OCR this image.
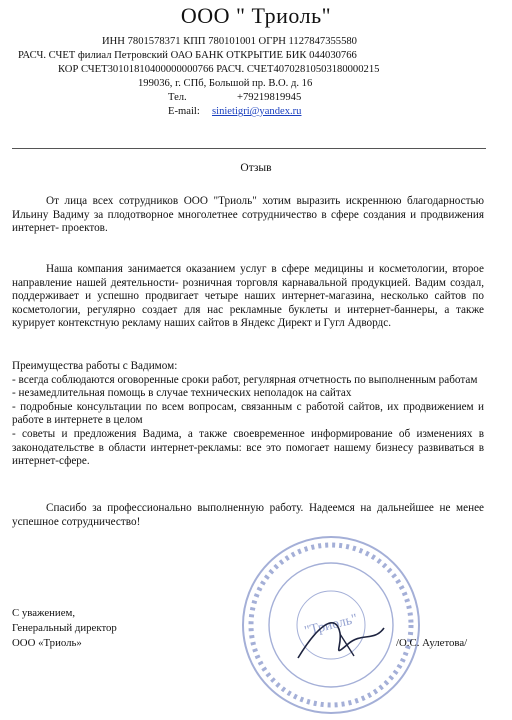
ООО " Триоль"
ИНН 7801578371 КПП 780101001 ОГРН 1127847355580
РАСЧ. СЧЕТ филиал Петровский ОАО БАНК ОТКРЫТИЕ БИК 044030766
КОР СЧЕТ30101810400000000766 РАСЧ. СЧЕТ40702810503180000215
199036, г. СПб, Большой пр. В.О. д. 16
Тел.	+79219819945
E-mail: sinietigri@yandex.ru
Отзыв
От лица всех сотрудников ООО "Триоль" хотим выразить искреннюю благодарностью Ильину Вадиму за плодотворное многолетнее сотрудничество в сфере создания и продвижения интернет- проектов.
Наша компания занимается оказанием услуг в сфере медицины и косметологии, второе направление нашей деятельности- розничная торговля карнавальной продукцией. Вадим создал, поддерживает и успешно продвигает четыре наших интернет-магазина, несколько сайтов по косметологии, регулярно создает для нас рекламные буклеты и интернет-баннеры, а также курирует контекстную рекламу наших сайтов в Яндекс Директ и Гугл Адвордс.

Преимущества работы с Вадимом:

- всегда соблюдаются оговоренные сроки работ, регулярная отчетность по выполненным работам

- незамедлительная помощь в случае технических неполадок на сайтах

- подробные консультации по всем вопросам, связанным с работой сайтов, их продвижением и работе в интернете в целом

- советы и предложения Вадима, а также своевременное информирование об изменениях в законодательстве в области интернет-рекламы: все это помогает нашему бизнесу развиваться в интернет-сфере.

Спасибо за профессионально выполненную работу. Надеемся на дальнейшее не менее успешное сотрудничество!
"Триоль"
С уважением,
Генеральный директор
ООО «Триоль»	/О.С. Аулетова/
